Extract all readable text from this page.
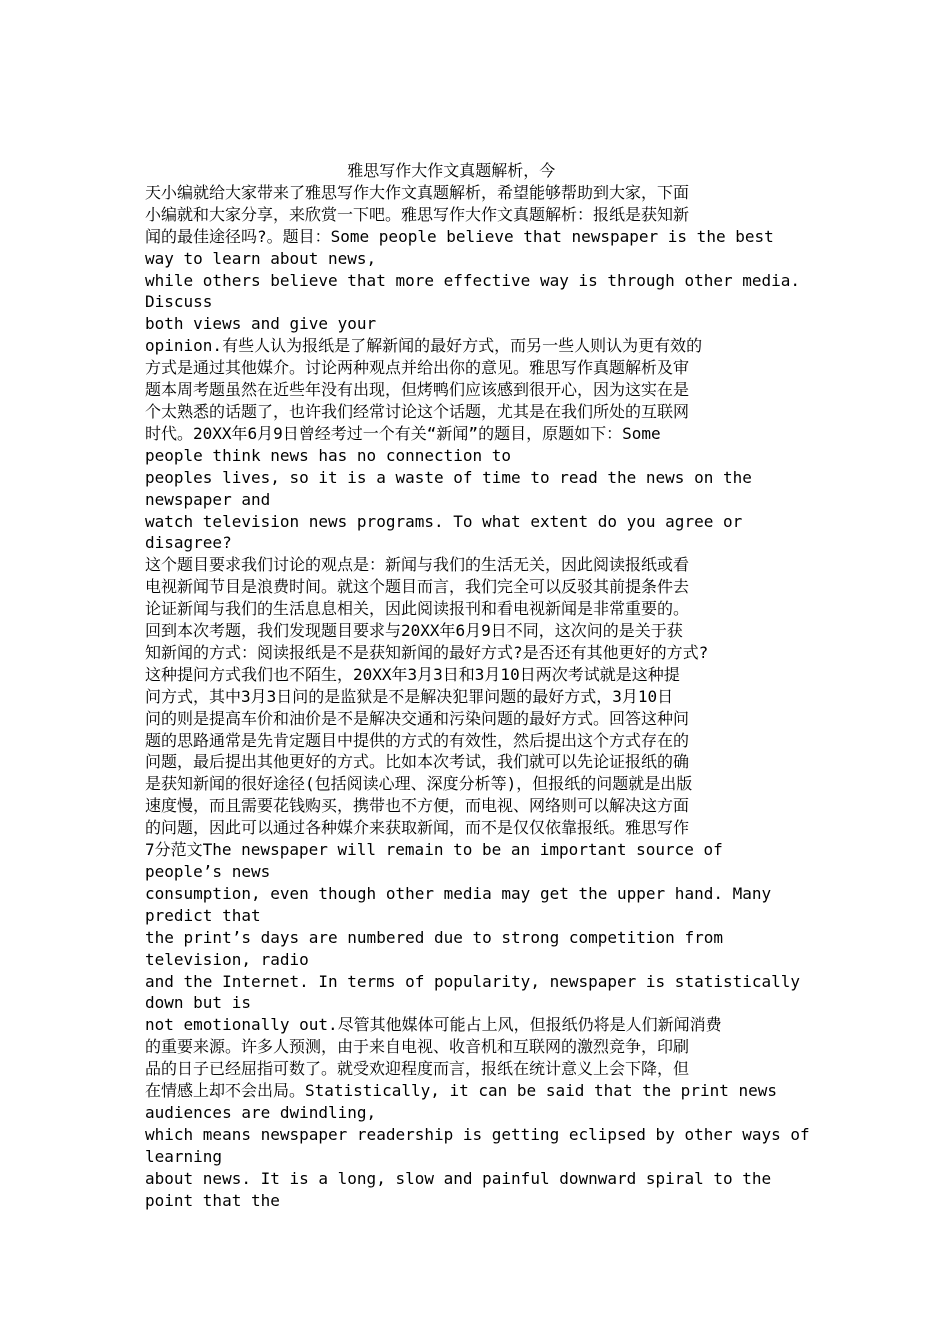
雅思写作大作文真题解析，今
天小编就给大家带来了雅思写作大作文真题解析，希望能够帮助到大家，下面
小编就和大家分享，来欣赏一下吧。雅思写作大作文真题解析：报纸是获知新
闻的最佳途径吗?。题目：Some people believe that newspaper is the best
way to learn about news,
while others believe that more effective way is through other media.
Discuss
both views and give your
opinion.有些人认为报纸是了解新闻的最好方式，而另一些人则认为更有效的
方式是通过其他媒介。讨论两种观点并给出你的意见。雅思写作真题解析及审
题本周考题虽然在近些年没有出现，但烤鸭们应该感到很开心，因为这实在是
个太熟悉的话题了，也许我们经常讨论这个话题，尤其是在我们所处的互联网
时代。20XX年6月9日曾经考过一个有关“新闻”的题目，原题如下：Some
people think news has no connection to
peoples lives, so it is a waste of time to read the news on the
newspaper and
watch television news programs. To what extent do you agree or
disagree?
这个题目要求我们讨论的观点是：新闻与我们的生活无关，因此阅读报纸或看
电视新闻节目是浪费时间。就这个题目而言，我们完全可以反驳其前提条件去
论证新闻与我们的生活息息相关，因此阅读报刊和看电视新闻是非常重要的。
回到本次考题，我们发现题目要求与20XX年6月9日不同，这次问的是关于获
知新闻的方式：阅读报纸是不是获知新闻的最好方式?是否还有其他更好的方式?
这种提问方式我们也不陌生，20XX年3月3日和3月10日两次考试就是这种提
问方式，其中3月3日问的是监狱是不是解决犯罪问题的最好方式，3月10日
问的则是提高车价和油价是不是解决交通和污染问题的最好方式。回答这种问
题的思路通常是先肯定题目中提供的方式的有效性，然后提出这个方式存在的
问题，最后提出其他更好的方式。比如本次考试，我们就可以先论证报纸的确
是获知新闻的很好途径(包括阅读心理、深度分析等)，但报纸的问题就是出版
速度慢，而且需要花钱购买，携带也不方便，而电视、网络则可以解决这方面
的问题，因此可以通过各种媒介来获取新闻，而不是仅仅依靠报纸。雅思写作
7分范文The newspaper will remain to be an important source of
people’s news
consumption, even though other media may get the upper hand. Many
predict that
the print’s days are numbered due to strong competition from
television, radio
and the Internet. In terms of popularity, newspaper is statistically
down but is
not emotionally out.尽管其他媒体可能占上风，但报纸仍将是人们新闻消费
的重要来源。许多人预测，由于来自电视、收音机和互联网的激烈竞争，印刷
品的日子已经屈指可数了。就受欢迎程度而言，报纸在统计意义上会下降，但
在情感上却不会出局。Statistically, it can be said that the print news
audiences are dwindling,
which means newspaper readership is getting eclipsed by other ways of
learning
about news. It is a long, slow and painful downward spiral to the
point that the
